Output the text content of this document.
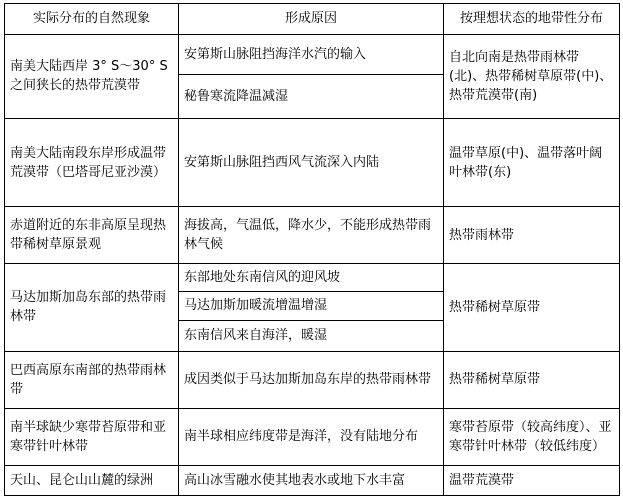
实际分布的自然现象	形成原因	按理想状态的地带性分布
南美大陆西岸 3° S～30° S之间狭长的热带荒漠带	安第斯山脉阻挡海洋水汽的输入	自北向南是热带雨林带(北)、热带稀树草原带(中)、热带荒漠带(南)
	秘鲁寒流降温减湿	
南美大陆南段东岸形成温带荒漠带（巴塔哥尼亚沙漠）	安第斯山脉阻挡西风气流深入内陆	温带草原(中)、温带落叶阔叶林带(东)
赤道附近的东非高原呈现热带稀树草原景观	海拔高，气温低，降水少，不能形成热带雨林气候	热带雨林带
马达加斯加岛东部的热带雨林带	东部地处东南信风的迎风坡	热带稀树草原带
	马达加斯加暖流增温增湿	
	东南信风来自海洋，暖湿	
巴西高原东南部的热带雨林带	成因类似于马达加斯加岛东岸的热带雨林带	热带稀树草原带
南半球缺少寒带苔原带和亚寒带针叶林带	南半球相应纬度带是海洋，没有陆地分布	寒带苔原带（较高纬度）、亚寒带针叶林带（较低纬度）
天山、昆仑山山麓的绿洲	高山冰雪融水使其地表水或地下水丰富	温带荒漠带
